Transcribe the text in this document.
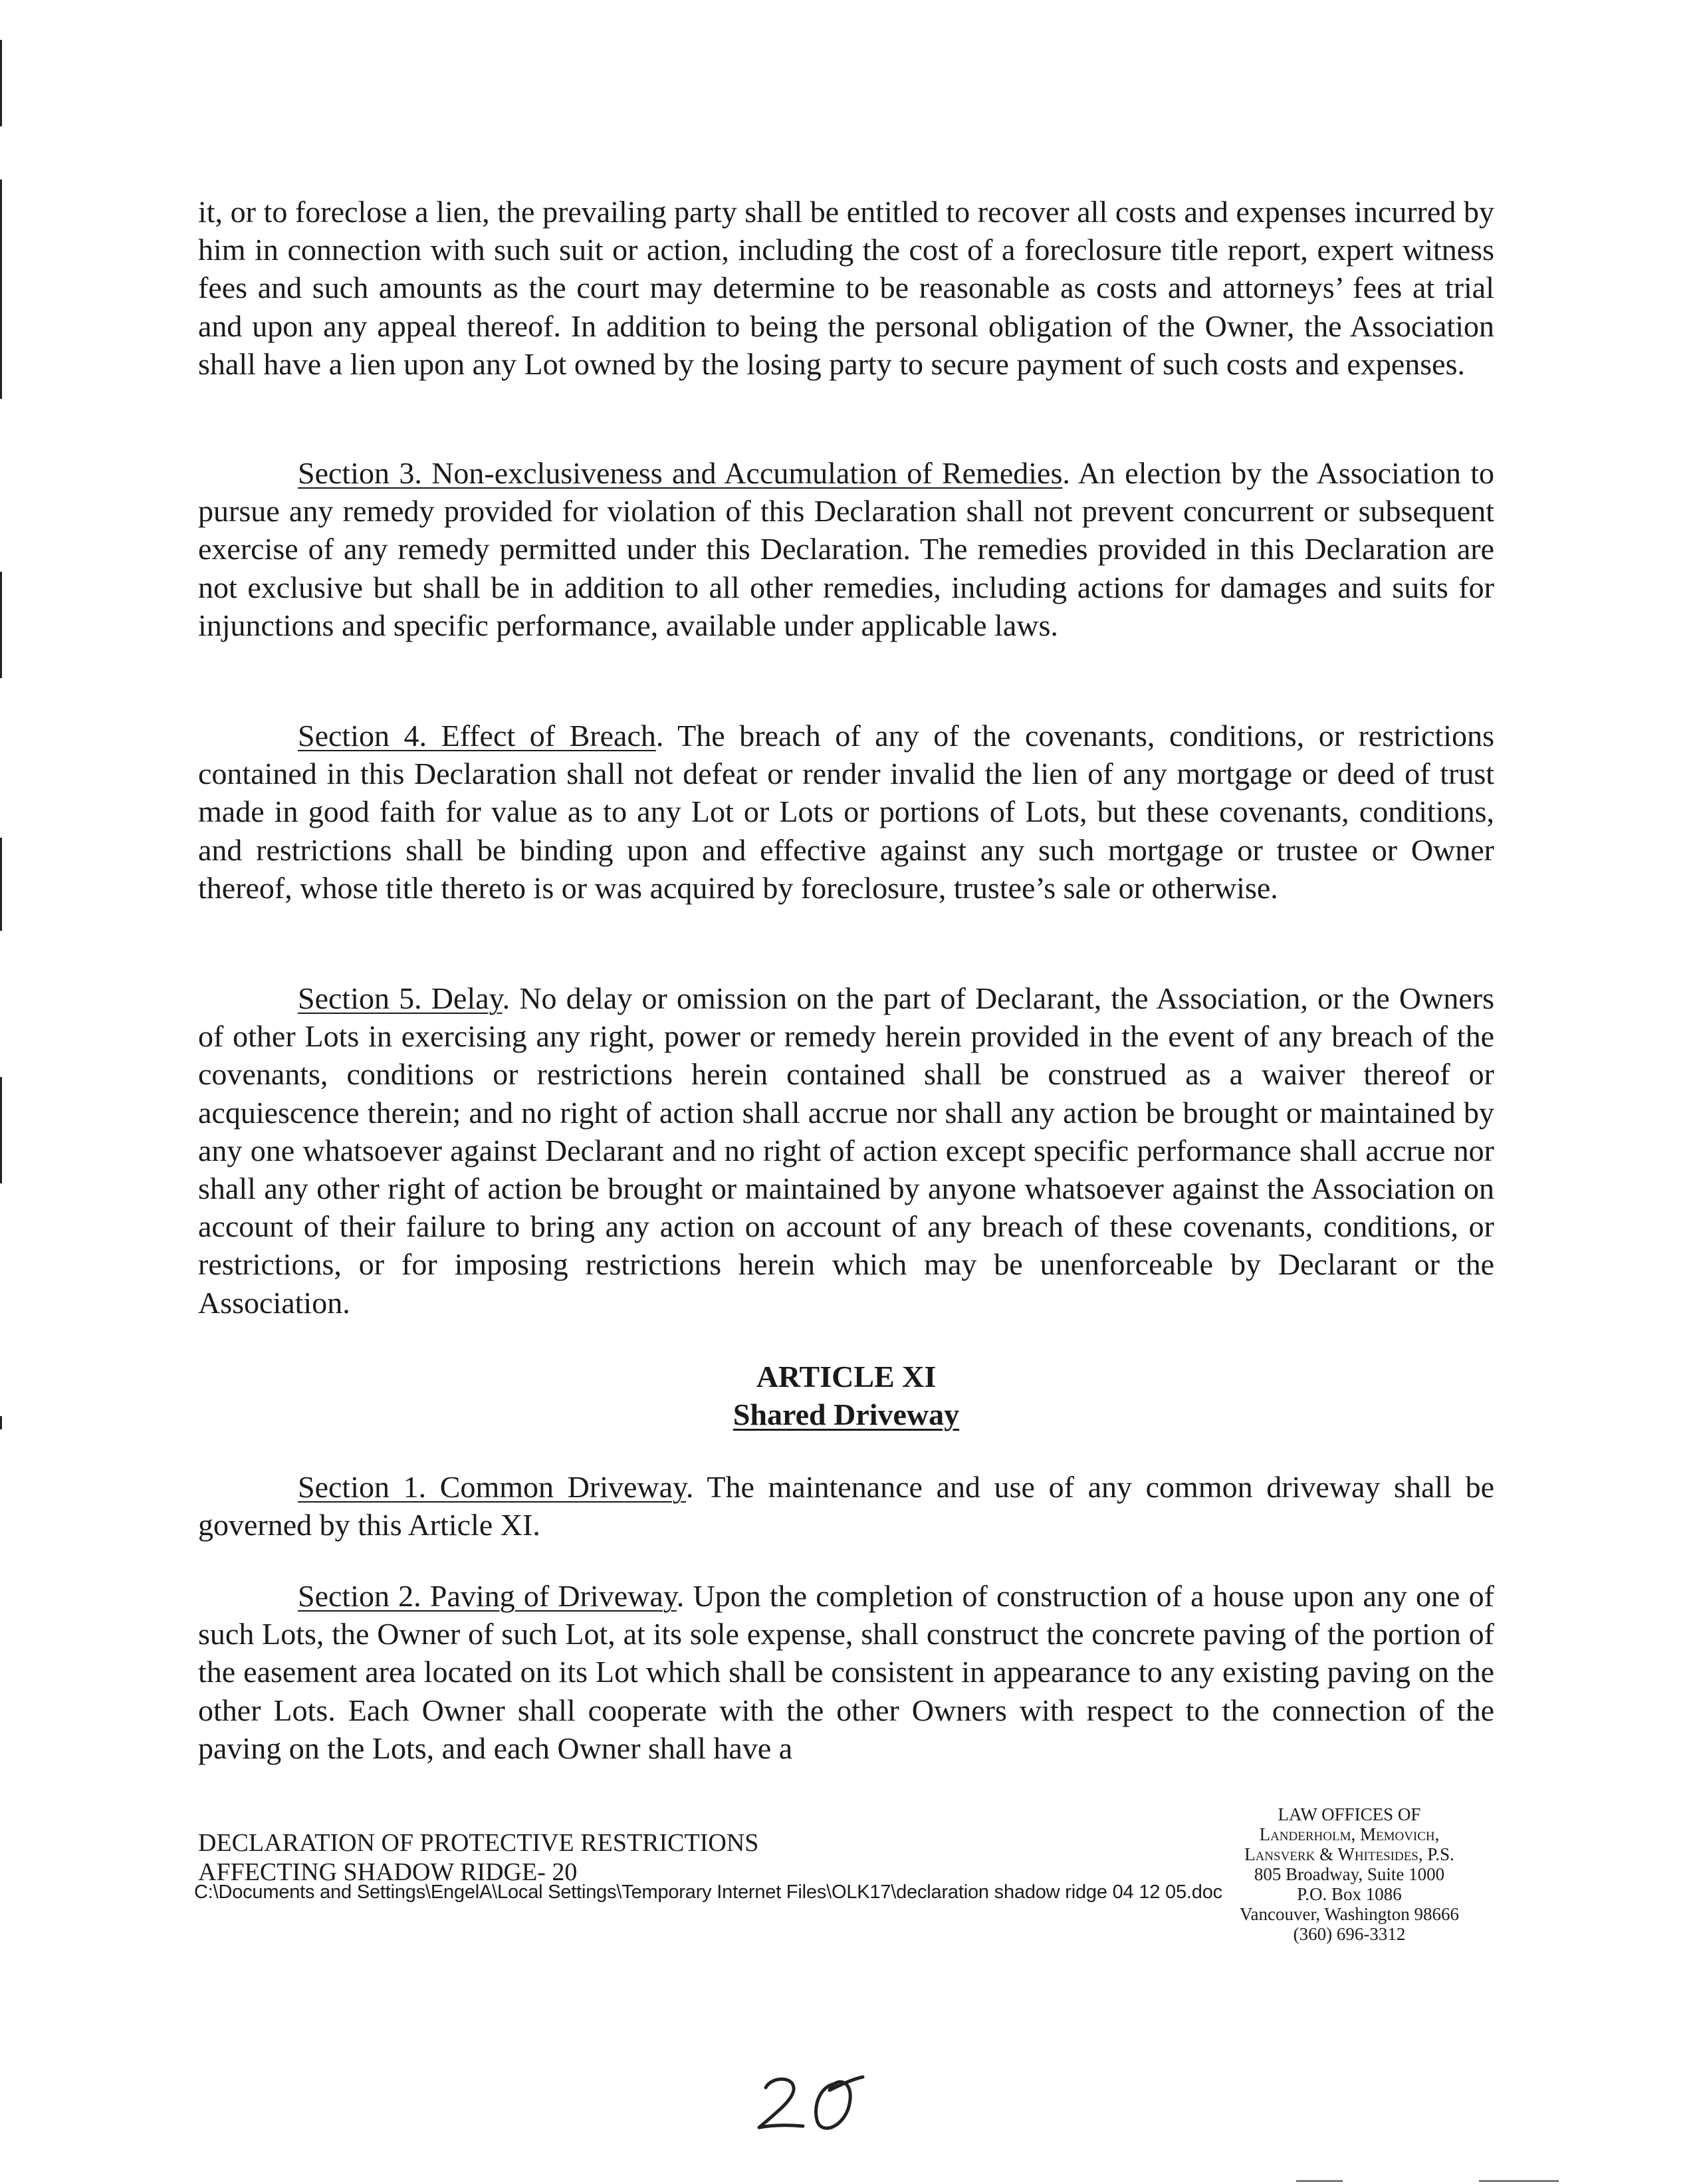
it, or to foreclose a lien, the prevailing party shall be entitled to recover all costs and expenses incurred by him in connection with such suit or action, including the cost of a foreclosure title report, expert witness fees and such amounts as the court may determine to be reasonable as costs and attorneys’ fees at trial and upon any appeal thereof. In addition to being the personal obligation of the Owner, the Association shall have a lien upon any Lot owned by the losing party to secure payment of such costs and expenses.

Section 3. Non-exclusiveness and Accumulation of Remedies. An election by the Association to pursue any remedy provided for violation of this Declaration shall not prevent concurrent or subsequent exercise of any remedy permitted under this Declaration. The remedies provided in this Declaration are not exclusive but shall be in addition to all other remedies, including actions for damages and suits for injunctions and specific performance, available under applicable laws.

Section 4. Effect of Breach. The breach of any of the covenants, conditions, or restrictions contained in this Declaration shall not defeat or render invalid the lien of any mortgage or deed of trust made in good faith for value as to any Lot or Lots or portions of Lots, but these covenants, conditions, and restrictions shall be binding upon and effective against any such mortgage or trustee or Owner thereof, whose title thereto is or was acquired by foreclosure, trustee’s sale or otherwise.

Section 5. Delay. No delay or omission on the part of Declarant, the Association, or the Owners of other Lots in exercising any right, power or remedy herein provided in the event of any breach of the covenants, conditions or restrictions herein contained shall be construed as a waiver thereof or acquiescence therein; and no right of action shall accrue nor shall any action be brought or maintained by any one whatsoever against Declarant and no right of action except specific performance shall accrue nor shall any other right of action be brought or maintained by anyone whatsoever against the Association on account of their failure to bring any action on account of any breach of these covenants, conditions, or restrictions, or for imposing restrictions herein which may be unenforceable by Declarant or the Association.

ARTICLE XI
Shared Driveway

Section 1. Common Driveway. The maintenance and use of any common driveway shall be governed by this Article XI.

Section 2. Paving of Driveway. Upon the completion of construction of a house upon any one of such Lots, the Owner of such Lot, at its sole expense, shall construct the concrete paving of the portion of the easement area located on its Lot which shall be consistent in appearance to any existing paving on the other Lots. Each Owner shall cooperate with the other Owners with respect to the connection of the paving on the Lots, and each Owner shall have a

DECLARATION OF PROTECTIVE RESTRICTIONS
AFFECTING SHADOW RIDGE- 20
C:\Documents and Settings\EngelA\Local Settings\Temporary Internet Files\OLK17\declaration shadow ridge 04 12 05.doc
LAW OFFICES OF
Landerholm, Memovich,
Lansverk & Whitesides, P.S.
805 Broadway, Suite 1000
P.O. Box 1086
Vancouver, Washington 98666
(360) 696-3312
